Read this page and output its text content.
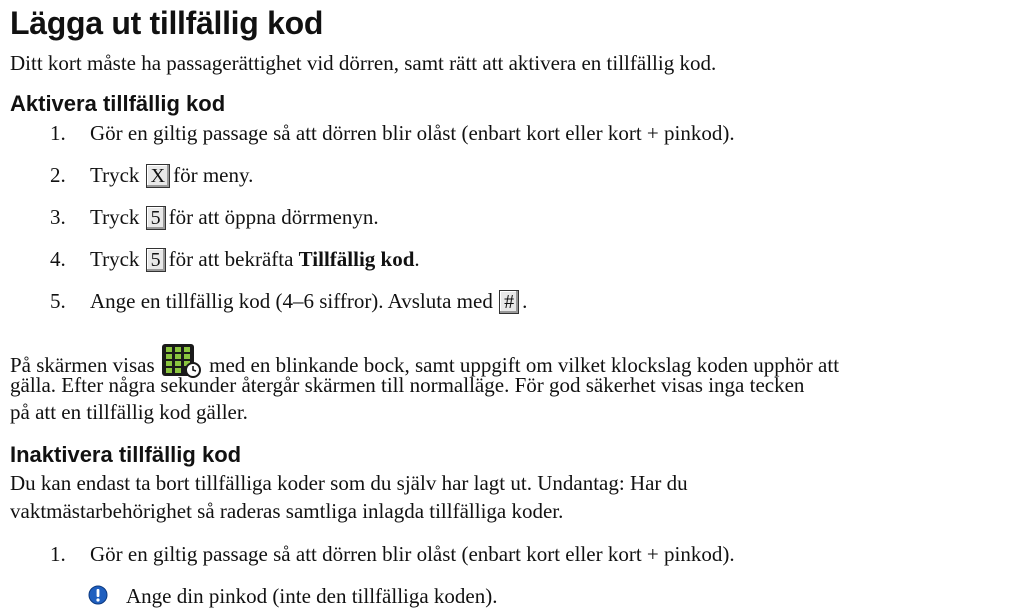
Lägga ut tillfällig kod
Ditt kort måste ha passagerättighet vid dörren, samt rätt att aktivera en tillfällig kod.
Aktivera tillfällig kod
1. Gör en giltig passage så att dörren blir olåst (enbart kort eller kort + pinkod).
2. Tryck X för meny.
3. Tryck 5 för att öppna dörrmenyn.
4. Tryck 5 för att bekräfta Tillfällig kod.
5. Ange en tillfällig kod (4–6 siffror). Avsluta med # .
På skärmen visas	med en blinkande bock, samt uppgift om vilket klockslag koden upphör att
gälla. Efter några sekunder återgår skärmen till normalläge. För god säkerhet visas inga tecken
på att en tillfällig kod gäller.
Inaktivera tillfällig kod
Du kan endast ta bort tillfälliga koder som du själv har lagt ut. Undantag: Har du
vaktmästarbehörighet så raderas samtliga inlagda tillfälliga koder.
1. Gör en giltig passage så att dörren blir olåst (enbart kort eller kort + pinkod).
Ange din pinkod (inte den tillfälliga koden).
